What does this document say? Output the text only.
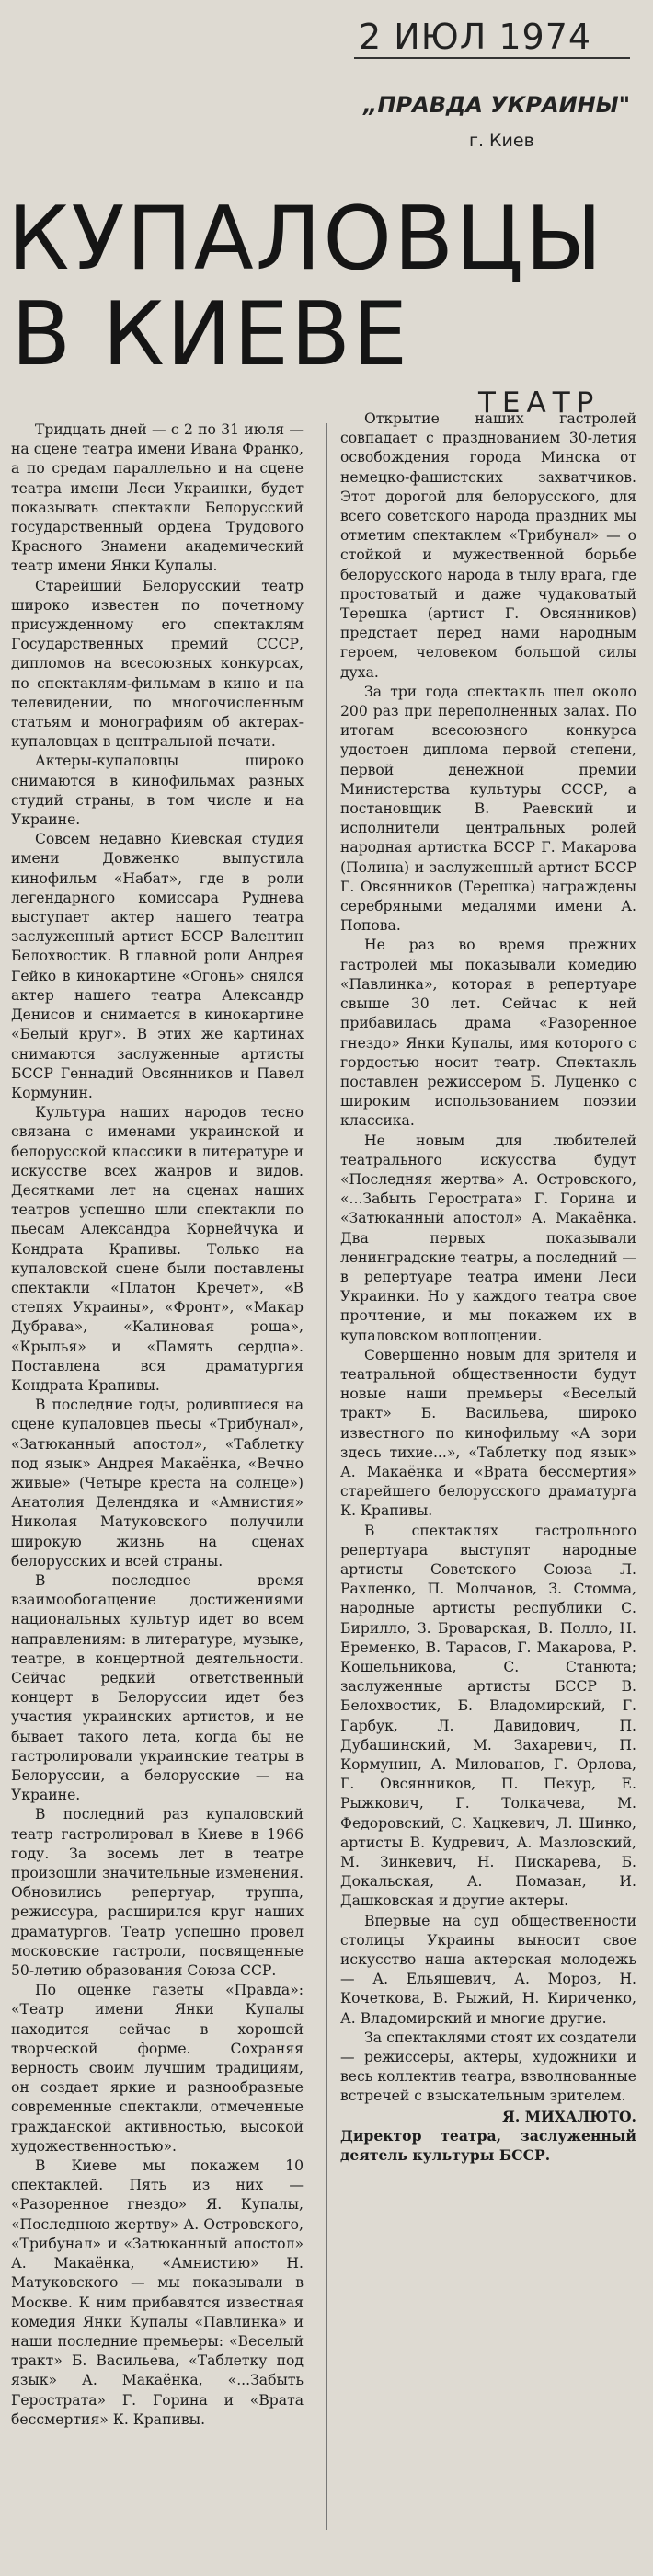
2 ИЮЛ 1974
„ПРАВДА УКРАИНЫ"
г. Киев
КУПАЛОВЦЫ
В КИЕВЕ
ТЕАТР

Тридцать дней — с 2 по 31 июля — на сцене театра имени Ивана Франко, а по средам параллельно и на сцене театра имени Леси Украинки, будет показывать спектакли Белорусский государственный ордена Трудового Красного Знамени академический театр имени Янки Купалы.

Старейший Белорусский театр широко известен по почетному присужденному его спектаклям Государственных премий СССР, дипломов на всесоюзных конкурсах, по спектаклям-фильмам в кино и на телевидении, по многочисленным статьям и монографиям об актерах-купаловцах в центральной печати.

Актеры-купаловцы широко снимаются в кинофильмах разных студий страны, в том числе и на Украине.

Совсем недавно Киевская студия имени Довженко выпустила кинофильм «Набат», где в роли легендарного комиссара Руднева выступает актер нашего театра заслуженный артист БССР Валентин Белохвостик. В главной роли Андрея Гейко в кинокартине «Огонь» снялся актер нашего театра Александр Денисов и снимается в кинокартине «Белый круг». В этих же картинах снимаются заслуженные артисты БССР Геннадий Овсянников и Павел Кормунин.

Культура наших народов тесно связана с именами украинской и белорусской классики в литературе и искусстве всех жанров и видов. Десятками лет на сценах наших театров успешно шли спектакли по пьесам Александра Корнейчука и Кондрата Крапивы. Только на купаловской сцене были поставлены спектакли «Платон Кречет», «В степях Украины», «Фронт», «Макар Дубрава», «Калиновая роща», «Крылья» и «Память сердца». Поставлена вся драматургия Кондрата Крапивы.

В последние годы, родившиеся на сцене купаловцев пьесы «Трибунал», «Затюканный апостол», «Таблетку под язык» Андрея Макаёнка, «Вечно живые» (Четыре креста на солнце») Анатолия Делендяка и «Амнистия» Николая Матуковского получили широкую жизнь на сценах белорусских и всей страны.

В последнее время взаимообогащение достижениями национальных культур идет во всем направлениям: в литературе, музыке, театре, в концертной деятельности. Сейчас редкий ответственный концерт в Белоруссии идет без участия украинских артистов, и не бывает такого лета, когда бы не гастролировали украинские театры в Белоруссии, а белорусские — на Украине.

В последний раз купаловский театр гастролировал в Киеве в 1966 году. За восемь лет в театре произошли значительные изменения. Обновились репертуар, труппа, режиссура, расширился круг наших драматургов. Театр успешно провел московские гастроли, посвященные 50-летию образования Союза ССР.

По оценке газеты «Правда»: «Театр имени Янки Купалы находится сейчас в хорошей творческой форме. Сохраняя верность своим лучшим традициям, он создает яркие и разнообразные современные спектакли, отмеченные гражданской активностью, высокой художественностью».

В Киеве мы покажем 10 спектаклей. Пять из них — «Разоренное гнездо» Я. Купалы, «Последнюю жертву» А. Островского, «Трибунал» и «Затюканный апостол» А. Макаёнка, «Амнистию» Н. Матуковского — мы показывали в Москве. К ним прибавятся известная комедия Янки Купалы «Павлинка» и наши последние премьеры: «Веселый тракт» Б. Васильева, «Таблетку под язык» А. Макаёнка, «...Забыть Герострата» Г. Горина и «Врата бессмертия» К. Крапивы.

Открытие наших гастролей совпадает с празднованием 30-летия освобождения города Минска от немецко-фашистских захватчиков. Этот дорогой для белорусского, для всего советского народа праздник мы отметим спектаклем «Трибунал» — о стойкой и мужественной борьбе белорусского народа в тылу врага, где простоватый и даже чудаковатый Терешка (артист Г. Овсянников) предстает перед нами народным героем, человеком большой силы духа.

За три года спектакль шел около 200 раз при переполненных залах. По итогам всесоюзного конкурса удостоен диплома первой степени, первой денежной премии Министерства культуры СССР, а постановщик В. Раевский и исполнители центральных ролей народная артистка БССР Г. Макарова (Полина) и заслуженный артист БССР Г. Овсянников (Терешка) награждены серебряными медалями имени А. Попова.

Не раз во время прежних гастролей мы показывали комедию «Павлинка», которая в репертуаре свыше 30 лет. Сейчас к ней прибавилась драма «Разоренное гнездо» Янки Купалы, имя которого с гордостью носит театр. Спектакль поставлен режиссером Б. Луценко с широким использованием поэзии классика.

Не новым для любителей театрального искусства будут «Последняя жертва» А. Островского, «...Забыть Герострата» Г. Горина и «Затюканный апостол» А. Макаёнка. Два первых показывали ленинградские театры, а последний — в репертуаре театра имени Леси Украинки. Но у каждого театра свое прочтение, и мы покажем их в купаловском воплощении.

Совершенно новым для зрителя и театральной общественности будут новые наши премьеры «Веселый тракт» Б. Васильева, широко известного по кинофильму «А зори здесь тихие...», «Таблетку под язык» А. Макаёнка и «Врата бессмертия» старейшего белорусского драматурга К. Крапивы.

В спектаклях гастрольного репертуара выступят народные артисты Советского Союза Л. Рахленко, П. Молчанов, З. Стомма, народные артисты республики С. Бирилло, З. Броварская, В. Полло, Н. Еременко, В. Тарасов, Г. Макарова, Р. Кошельникова, С. Станюта; заслуженные артисты БССР В. Белохвостик, Б. Владомирский, Г. Гарбук, Л. Давидович, П. Дубашинский, М. Захаревич, П. Кормунин, А. Милованов, Г. Орлова, Г. Овсянников, П. Пекур, Е. Рыжкович, Г. Толкачева, М. Федоровский, С. Хацкевич, Л. Шинко, артисты В. Кудревич, А. Мазловский, М. Зинкевич, Н. Пискарева, Б. Докальская, А. Помазан, И. Дашковская и другие актеры.

Впервые на суд общественности столицы Украины выносит свое искусство наша актерская молодежь — А. Ельяшевич, А. Мороз, Н. Кочеткова, В. Рыжий, Н. Кириченко, А. Владомирский и многие другие.

За спектаклями стоят их создатели — режиссеры, актеры, художники и весь коллектив театра, взволнованные встречей с взыскательным зрителем.

Я. МИХАЛЮТО.

Директор театра, заслуженный деятель культуры БССР.
